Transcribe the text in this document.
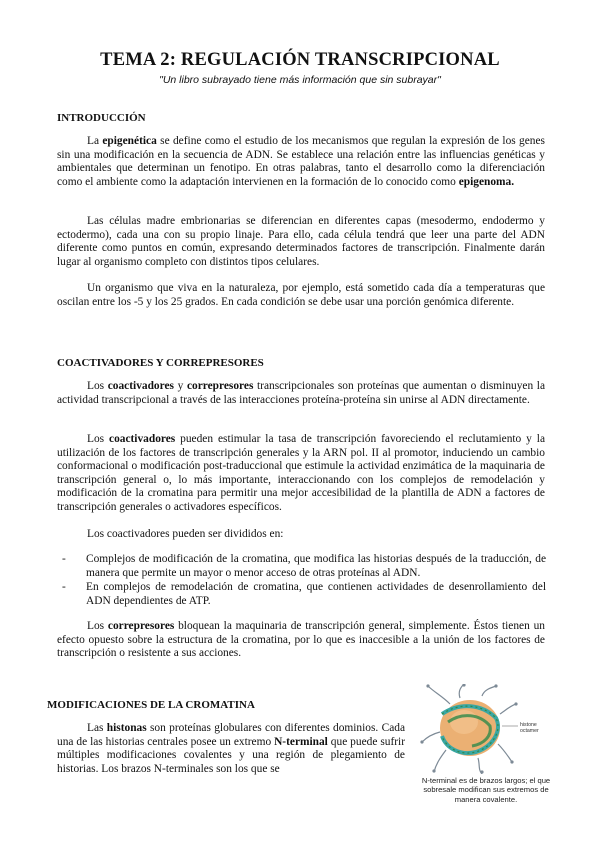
TEMA 2: REGULACIÓN TRANSCRIPCIONAL
"Un libro subrayado tiene más información que sin subrayar"
INTRODUCCIÓN

La epigenética se define como el estudio de los mecanismos que regulan la expresión de los genes sin una modificación en la secuencia de ADN. Se establece una relación entre las influencias genéticas y ambientales que determinan un fenotipo. En otras palabras, tanto el desarrollo como la diferenciación como el ambiente como la adaptación intervienen en la formación de lo conocido como epigenoma.

Las células madre embrionarias se diferencian en diferentes capas (mesodermo, endodermo y ectodermo), cada una con su propio linaje. Para ello, cada célula tendrá que leer una parte del ADN diferente como puntos en común, expresando determinados factores de transcripción. Finalmente darán lugar al organismo completo con distintos tipos celulares.

Un organismo que viva en la naturaleza, por ejemplo, está sometido cada día a temperaturas que oscilan entre los -5 y los 25 grados. En cada condición se debe usar una porción genómica diferente.

COACTIVADORES Y CORREPRESORES

Los coactivadores y correpresores transcripcionales son proteínas que aumentan o disminuyen la actividad transcripcional a través de las interacciones proteína-proteína sin unirse al ADN directamente.

Los coactivadores pueden estimular la tasa de transcripción favoreciendo el reclutamiento y la utilización de los factores de transcripción generales y la ARN pol. II al promotor, induciendo un cambio conformacional o modificación post-traduccional que estimule la actividad enzimática de la maquinaria de transcripción general o, lo más importante, interaccionando con los complejos de remodelación y modificación de la cromatina para permitir una mejor accesibilidad de la plantilla de ADN a factores de transcripción generales o activadores específicos.

Los coactivadores pueden ser divididos en:

- Complejos de modificación de la cromatina, que modifica las historias después de la traducción, de manera que permite un mayor o menor acceso de otras proteínas al ADN.
- En complejos de remodelación de cromatina, que contienen actividades de desenrollamiento del ADN dependientes de ATP.

Los correpresores bloquean la maquinaria de transcripción general, simplemente. Éstos tienen un efecto opuesto sobre la estructura de la cromatina, por lo que es inaccesible a la unión de los factores de transcripción o resistente a sus acciones.

MODIFICACIONES DE LA CROMATINA

Las histonas son proteínas globulares con diferentes dominios. Cada una de las historias centrales posee un extremo N-terminal que puede sufrir múltiples modificaciones covalentes y una región de plegamiento de historias. Los brazos N-terminales son los que se

histone octamer
N-terminal es de brazos largos; el que sobresale modifican sus extremos de manera covalente.
